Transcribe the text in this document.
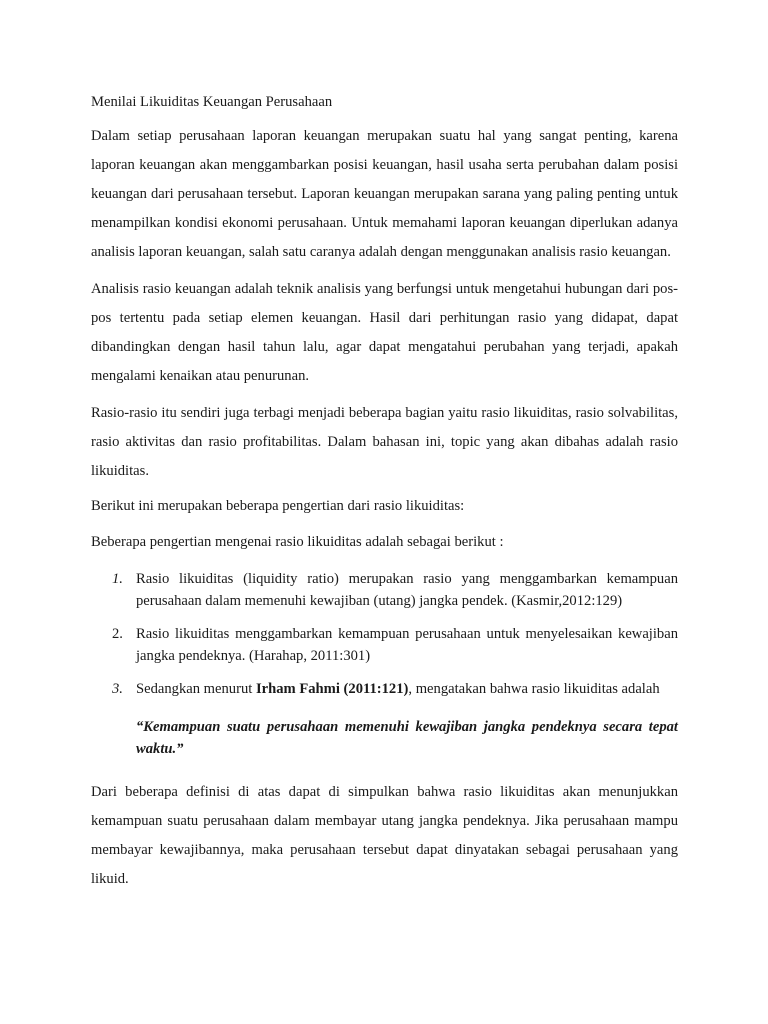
Menilai Likuiditas Keuangan Perusahaan

Dalam setiap perusahaan laporan keuangan merupakan suatu hal yang sangat penting, karena laporan keuangan akan menggambarkan posisi keuangan, hasil usaha serta perubahan dalam posisi keuangan dari perusahaan tersebut. Laporan keuangan merupakan sarana yang paling penting untuk menampilkan kondisi ekonomi perusahaan. Untuk memahami laporan keuangan diperlukan adanya analisis laporan keuangan, salah satu caranya adalah dengan menggunakan analisis rasio keuangan.

Analisis rasio keuangan adalah teknik analisis yang berfungsi untuk mengetahui hubungan dari pos-pos tertentu pada setiap elemen keuangan. Hasil dari perhitungan rasio yang didapat, dapat dibandingkan dengan hasil tahun lalu, agar dapat mengatahui perubahan yang terjadi, apakah mengalami kenaikan atau penurunan.

Rasio-rasio itu sendiri juga terbagi menjadi beberapa bagian yaitu rasio likuiditas, rasio solvabilitas, rasio aktivitas dan rasio profitabilitas. Dalam bahasan ini, topic yang akan dibahas adalah rasio likuiditas.

Berikut ini merupakan beberapa pengertian dari rasio likuiditas:

Beberapa pengertian mengenai rasio likuiditas adalah sebagai berikut :

1. Rasio likuiditas (liquidity ratio) merupakan rasio yang menggambarkan kemampuan perusahaan dalam memenuhi kewajiban (utang) jangka pendek. (Kasmir,2012:129)
2. Rasio likuiditas menggambarkan kemampuan perusahaan untuk menyelesaikan kewajiban jangka pendeknya. (Harahap, 2011:301)
3. Sedangkan menurut Irham Fahmi (2011:121), mengatakan bahwa rasio likuiditas adalah
“Kemampuan suatu perusahaan memenuhi kewajiban jangka pendeknya secara tepat waktu.”

Dari beberapa definisi di atas dapat di simpulkan bahwa rasio likuiditas akan menunjukkan kemampuan suatu perusahaan dalam membayar utang jangka pendeknya. Jika perusahaan mampu membayar kewajibannya, maka perusahaan tersebut dapat dinyatakan sebagai perusahaan yang likuid.
